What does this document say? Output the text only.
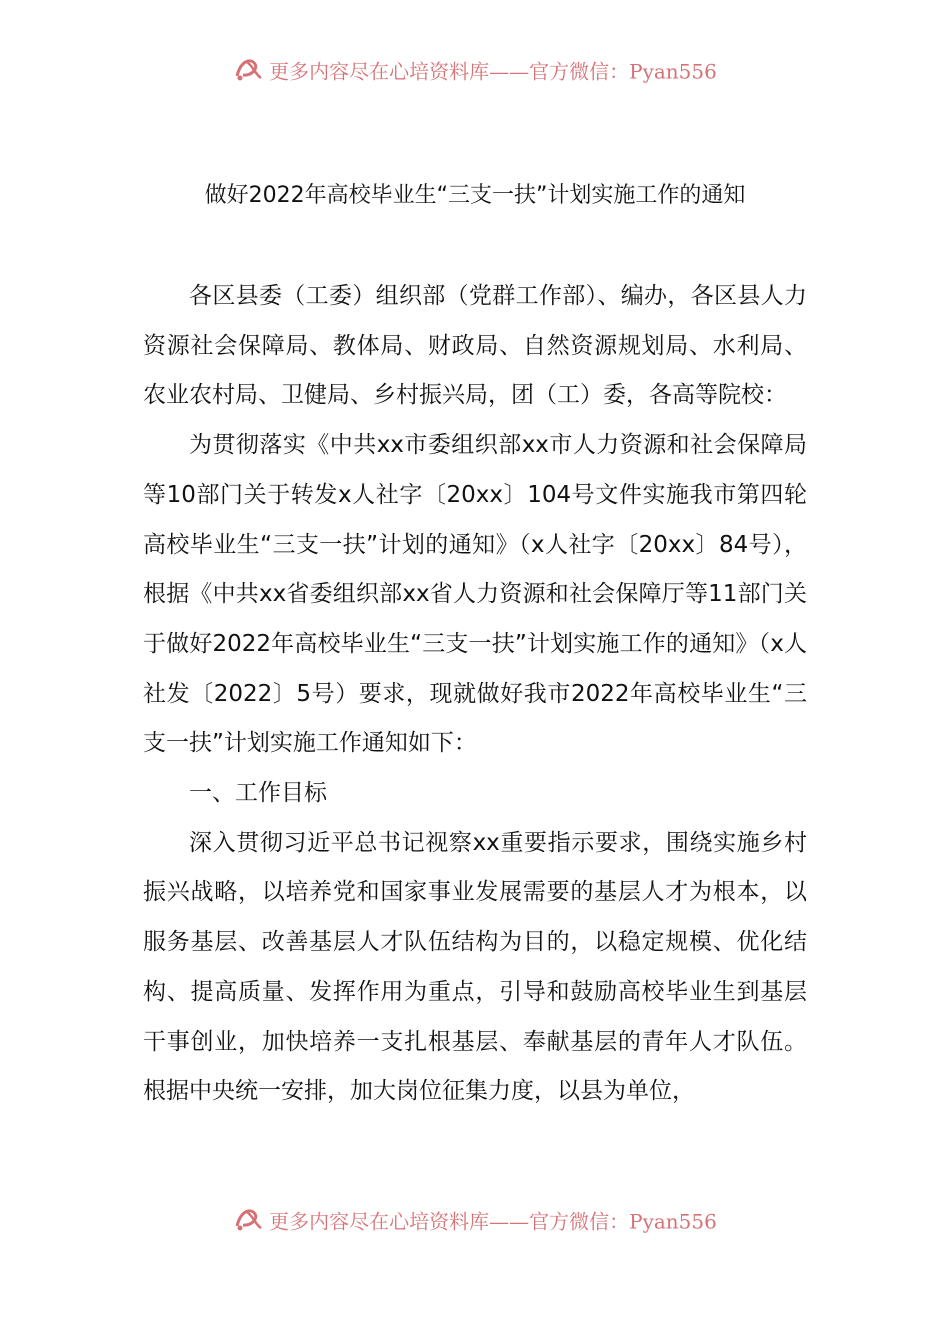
更多内容尽在心培资料库——官方微信：Pyan556
做好2022年高校毕业生“三支一扶”计划实施工作的通知

各区县委（工委）组织部（党群工作部）、编办，各区县人力资源社会保障局、教体局、财政局、自然资源规划局、水利局、农业农村局、卫健局、乡村振兴局，团（工）委，各高等院校：

为贯彻落实《中共xx市委组织部xx市人力资源和社会保障局等10部门关于转发x人社字〔20xx〕104号文件实施我市第四轮高校毕业生“三支一扶”计划的通知》（x人社字〔20xx〕84号），根据《中共xx省委组织部xx省人力资源和社会保障厅等11部门关于做好2022年高校毕业生“三支一扶”计划实施工作的通知》（x人社发〔2022〕5号）要求，现就做好我市2022年高校毕业生“三支一扶”计划实施工作通知如下：

一、工作目标

深入贯彻习近平总书记视察xx重要指示要求，围绕实施乡村振兴战略，以培养党和国家事业发展需要的基层人才为根本，以服务基层、改善基层人才队伍结构为目的，以稳定规模、优化结构、提高质量、发挥作用为重点，引导和鼓励高校毕业生到基层干事创业，加快培养一支扎根基层、奉献基层的青年人才队伍。根据中央统一安排，加大岗位征集力度，以县为单位，

更多内容尽在心培资料库——官方微信：Pyan556
